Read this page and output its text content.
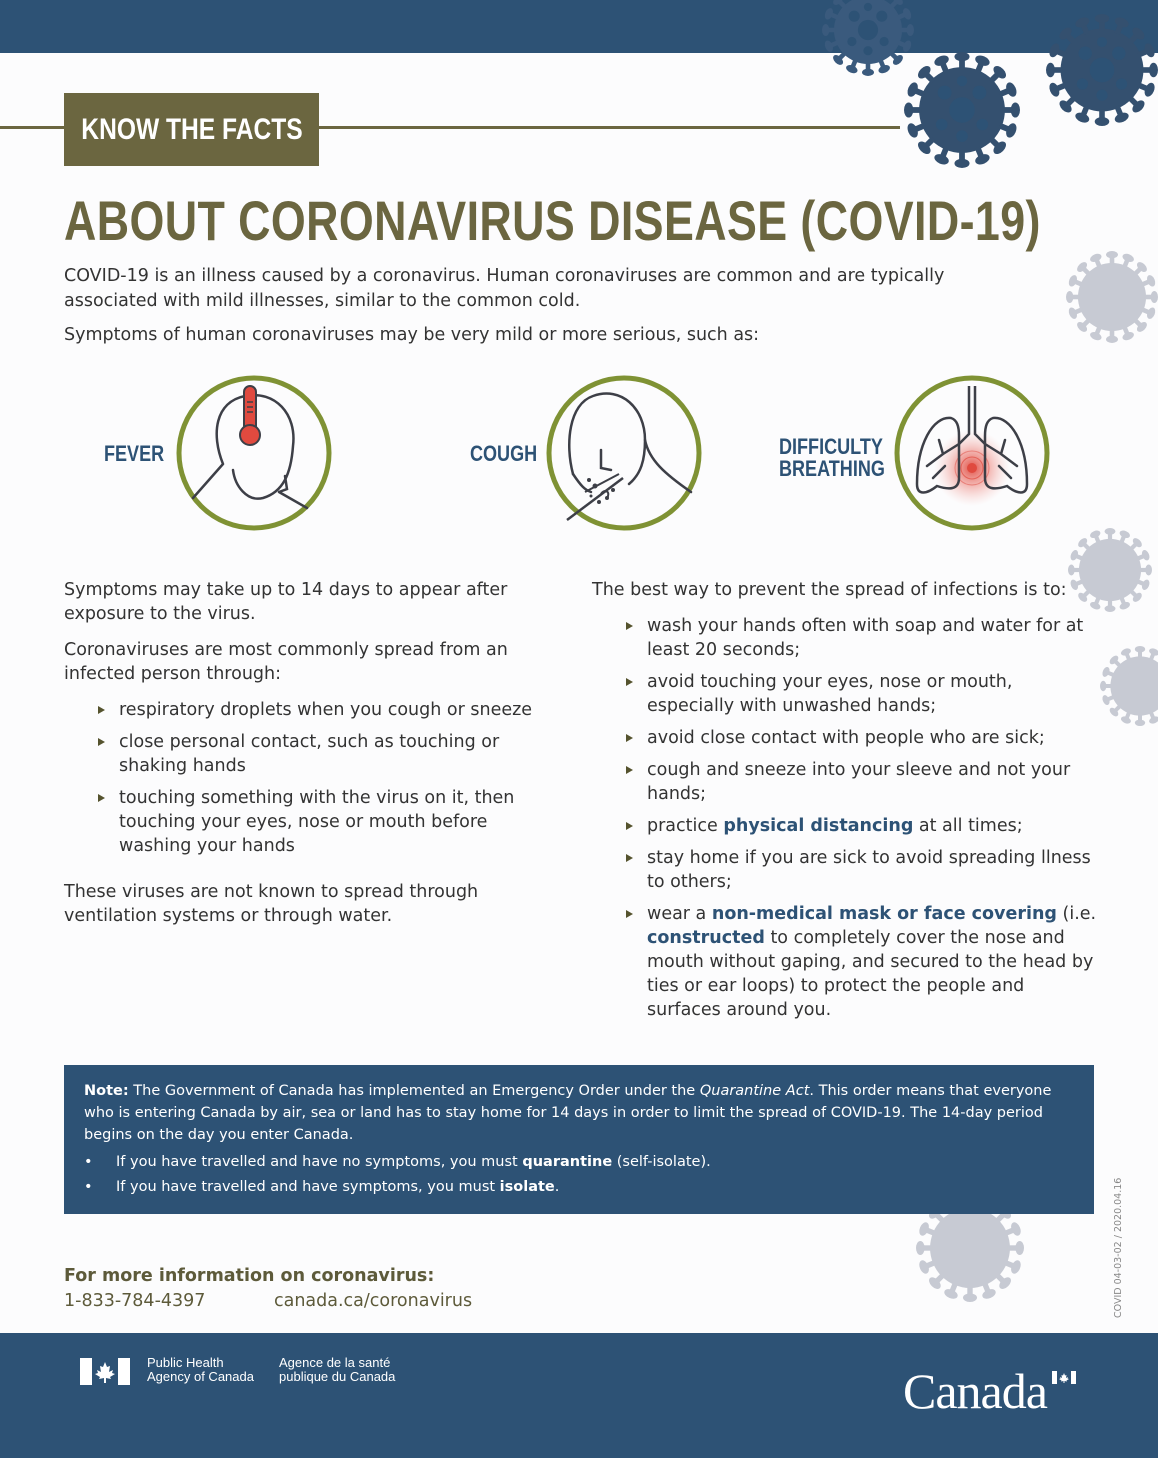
KNOW THE FACTS
ABOUT CORONAVIRUS DISEASE (COVID-19)

COVID-19 is an illness caused by a coronavirus. Human coronaviruses are common and are typically associated with mild illnesses, similar to the common cold.

Symptoms of human coronaviruses may be very mild or more serious, such as:

FEVER	COUGH	DIFFICULTY
BREATHING

Symptoms may take up to 14 days to appear after exposure to the virus.

Coronaviruses are most commonly spread from an infected person through:

respiratory droplets when you cough or sneeze
close personal contact, such as touching or shaking hands
touching something with the virus on it, then touching your eyes, nose or mouth before washing your hands

These viruses are not known to spread through ventilation systems or through water.

The best way to prevent the spread of infections is to:

wash your hands often with soap and water for at least 20 seconds;
avoid touching your eyes, nose or mouth, especially with unwashed hands;
avoid close contact with people who are sick;
cough and sneeze into your sleeve and not your hands;
practice physical distancing at all times;
stay home if you are sick to avoid spreading llness to others;
wear a non-medical mask or face covering (i.e. constructed to completely cover the nose and mouth without gaping, and secured to the head by ties or ear loops) to protect the people and surfaces around you.

Note: The Government of Canada has implemented an Emergency Order under the Quarantine Act. This order means that everyone who is entering Canada by air, sea or land has to stay home for 14 days in order to limit the spread of COVID-19. The 14-day period begins on the day you enter Canada.

• If you have travelled and have no symptoms, you must quarantine (self-isolate).
• If you have travelled and have symptoms, you must isolate.
For more information on coronavirus:
1-833-784-4397	canada.ca/coronavirus	COVID 04-03-02 / 2020.04.16
Public Health
Agency of Canada
Agence de la santé
publique du Canada	Canada
